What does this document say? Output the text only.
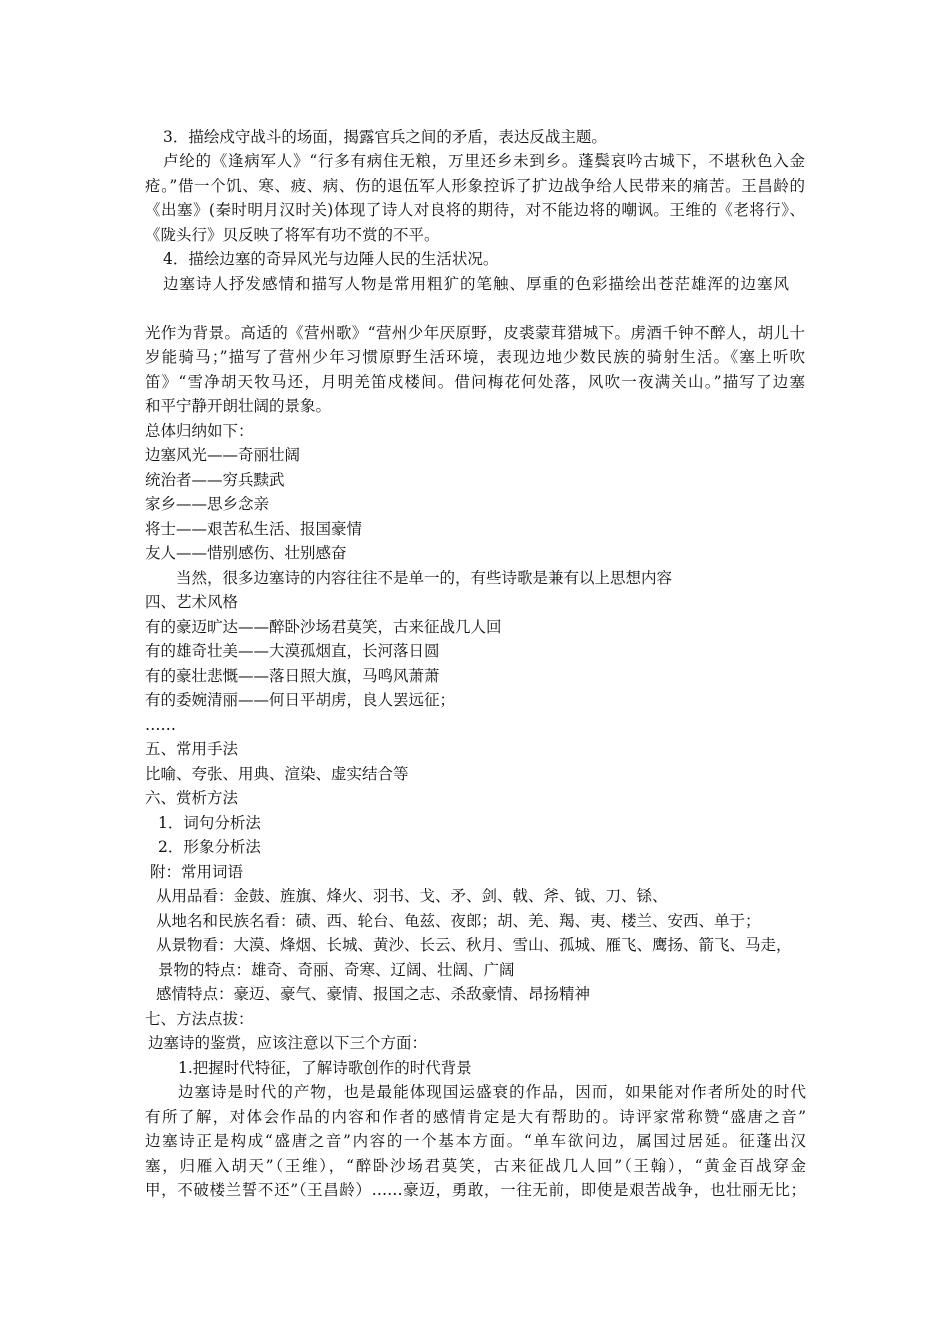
3．描绘戍守战斗的场面，揭露官兵之间的矛盾，表达反战主题。
卢纶的《逢病军人》“行多有病住无粮，万里还乡未到乡。蓬鬓哀吟古城下，不堪秋色入金
疮。”借一个饥、寒、疲、病、伤的退伍军人形象控诉了扩边战争给人民带来的痛苦。王昌龄的
《出塞》(秦时明月汉时关)体现了诗人对良将的期待，对不能边将的嘲讽。王维的《老将行》、
《陇头行》贝反映了将军有功不赏的不平。
4．描绘边塞的奇异风光与边陲人民的生活状况。
边塞诗人抒发感情和描写人物是常用粗犷的笔触、厚重的色彩描绘出苍茫雄浑的边塞风
光作为背景。高适的《营州歌》“营州少年厌原野，皮裘蒙茸猎城下。虏酒千钟不醉人，胡儿十
岁能骑马；”描写了营州少年习惯原野生活环境，表现边地少数民族的骑射生活。《塞上听吹
笛》“雪净胡天牧马还，月明羌笛戍楼间。借问梅花何处落，风吹一夜满关山。”描写了边塞
和平宁静开朗壮阔的景象。
总体归纳如下：
边塞风光——奇丽壮阔
统治者——穷兵黩武
家乡——思乡念亲
将士——艰苦私生活、报国豪情
友人——惜别感伤、壮别感奋
当然，很多边塞诗的内容往往不是单一的，有些诗歌是兼有以上思想内容
四、艺术风格
有的豪迈旷达——醉卧沙场君莫笑，古来征战几人回
有的雄奇壮美——大漠孤烟直，长河落日圆
有的豪壮悲慨——落日照大旗，马鸣风萧萧
有的委婉清丽——何日平胡虏，良人罢远征；
……
五、常用手法
比喻、夸张、用典、渲染、虚实结合等
六、赏析方法
1．词句分析法
2．形象分析法
附：常用词语
从用品看：金鼓、旌旗、烽火、羽书、戈、矛、剑、戟、斧、钺、刀、铩、
从地名和民族名看：碛、西、轮台、龟兹、夜郎；胡、羌、羯、夷、楼兰、安西、单于；
从景物看：大漠、烽烟、长城、黄沙、长云、秋月、雪山、孤城、雁飞、鹰扬、箭飞、马走，
景物的特点：雄奇、奇丽、奇寒、辽阔、壮阔、广阔
感情特点：豪迈、豪气、豪情、报国之志、杀敌豪情、昂扬精神
七、方法点拔：
边塞诗的鉴赏，应该注意以下三个方面：
1.把握时代特征，了解诗歌创作的时代背景
边塞诗是时代的产物，也是最能体现国运盛衰的作品，因而，如果能对作者所处的时代
有所了解，对体会作品的内容和作者的感情肯定是大有帮助的。诗评家常称赞“盛唐之音”
边塞诗正是构成“盛唐之音”内容的一个基本方面。“单车欲问边，属国过居延。征蓬出汉
塞，归雁入胡天”（王维），“醉卧沙场君莫笑，古来征战几人回”（王翰），“黄金百战穿金
甲，不破楼兰誓不还”（王昌龄）……豪迈，勇敢，一往无前，即使是艰苦战争，也壮丽无比；
